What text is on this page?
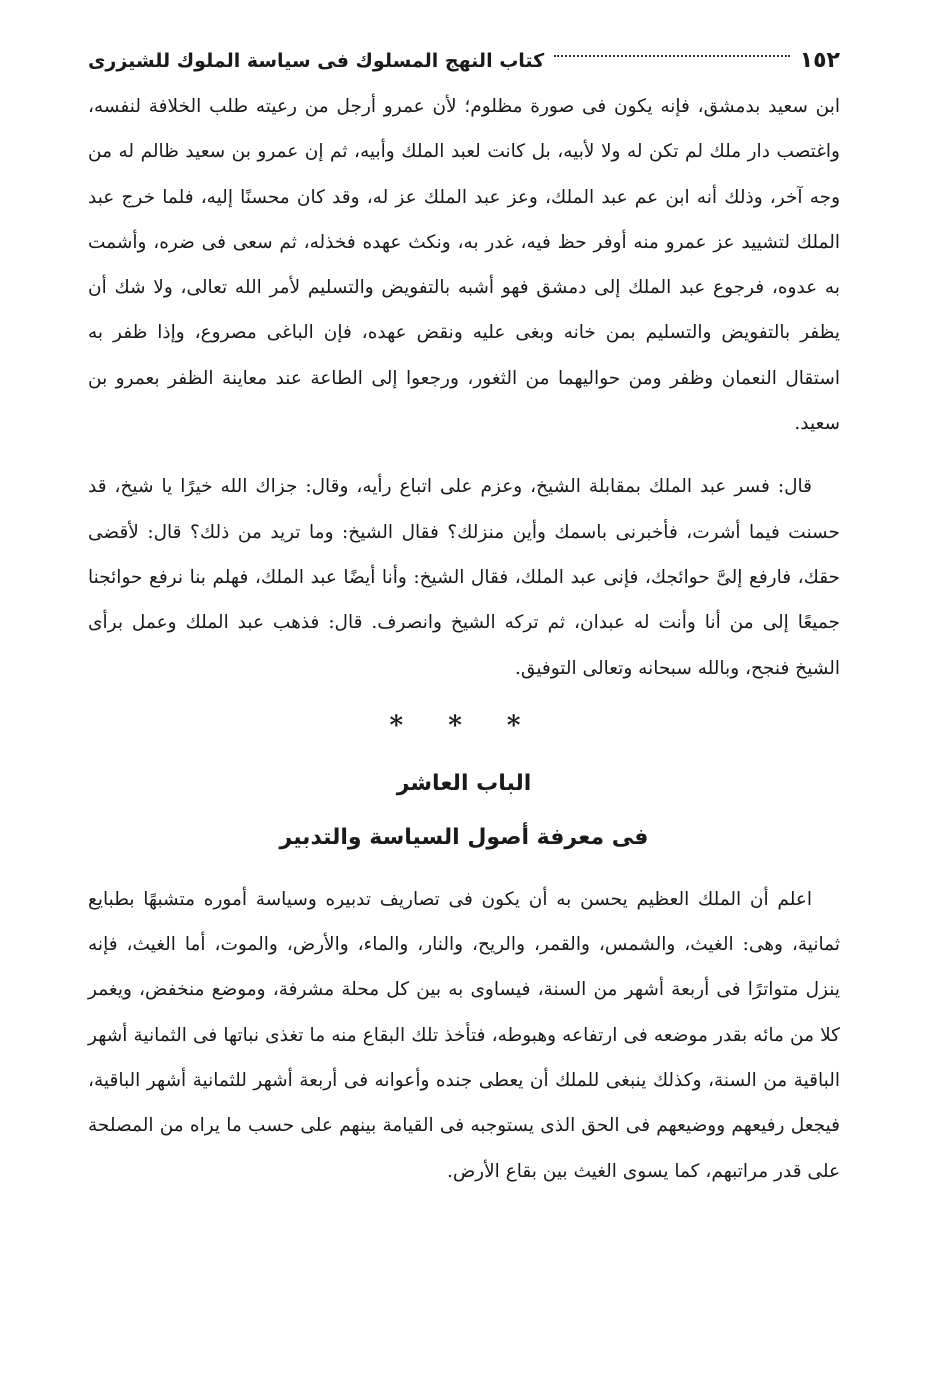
١٥٢
كتاب النهج المسلوك فى سياسة الملوك للشيزرى

ابن سعيد بدمشق، فإنه يكون فى صورة مظلوم؛ لأن عمرو أرجل من رعيته طلب الخلافة لنفسه، واغتصب دار ملك لم تكن له ولا لأبيه، بل كانت لعبد الملك وأبيه، ثم إن عمرو بن سعيد ظالم له من وجه آخر، وذلك أنه ابن عم عبد الملك، وعز عبد الملك عز له، وقد كان محسنًا إليه، فلما خرج عبد الملك لتشييد عز عمرو منه أوفر حظ فيه، غدر به، ونكث عهده فخذله، ثم سعى فى ضره، وأشمت به عدوه، فرجوع عبد الملك إلى دمشق فهو أشبه بالتفويض والتسليم لأمر الله تعالى، ولا شك أن يظفر بالتفويض والتسليم بمن خانه وبغى عليه ونقض عهده، فإن الباغى مصروع، وإذا ظفر به استقال النعمان وظفر ومن حواليهما من الثغور، ورجعوا إلى الطاعة عند معاينة الظفر بعمرو بن سعيد.

قال: فسر عبد الملك بمقابلة الشيخ، وعزم على اتباع رأيه، وقال: جزاك الله خيرًا يا شيخ، قد حسنت فيما أشرت، فأخبرنى باسمك وأين منزلك؟ فقال الشيخ: وما تريد من ذلك؟ قال: لأقضى حقك، فارفع إلىَّ حوائجك، فإنى عبد الملك، فقال الشيخ: وأنا أيضًا عبد الملك، فهلم بنا نرفع حوائجنا جميعًا إلى من أنا وأنت له عبدان، ثم تركه الشيخ وانصرف. قال: فذهب عبد الملك وعمل برأى الشيخ فنجح، وبالله سبحانه وتعالى التوفيق.

* * *
الباب العاشر
فى معرفة أصول السياسة والتدبير

اعلم أن الملك العظيم يحسن به أن يكون فى تصاريف تدبيره وسياسة أموره متشبهًا بطبايع ثمانية، وهى: الغيث، والشمس، والقمر، والريح، والنار، والماء، والأرض، والموت، أما الغيث، فإنه ينزل متواترًا فى أربعة أشهر من السنة، فيساوى به بين كل محلة مشرفة، وموضع منخفض، ويغمر كلا من مائه بقدر موضعه فى ارتفاعه وهبوطه، فتأخذ تلك البقاع منه ما تغذى نباتها فى الثمانية أشهر الباقية من السنة، وكذلك ينبغى للملك أن يعطى جنده وأعوانه فى أربعة أشهر للثمانية أشهر الباقية، فيجعل رفيعهم ووضيعهم فى الحق الذى يستوجبه فى القيامة بينهم على حسب ما يراه من المصلحة على قدر مراتبهم، كما يسوى الغيث بين بقاع الأرض.
